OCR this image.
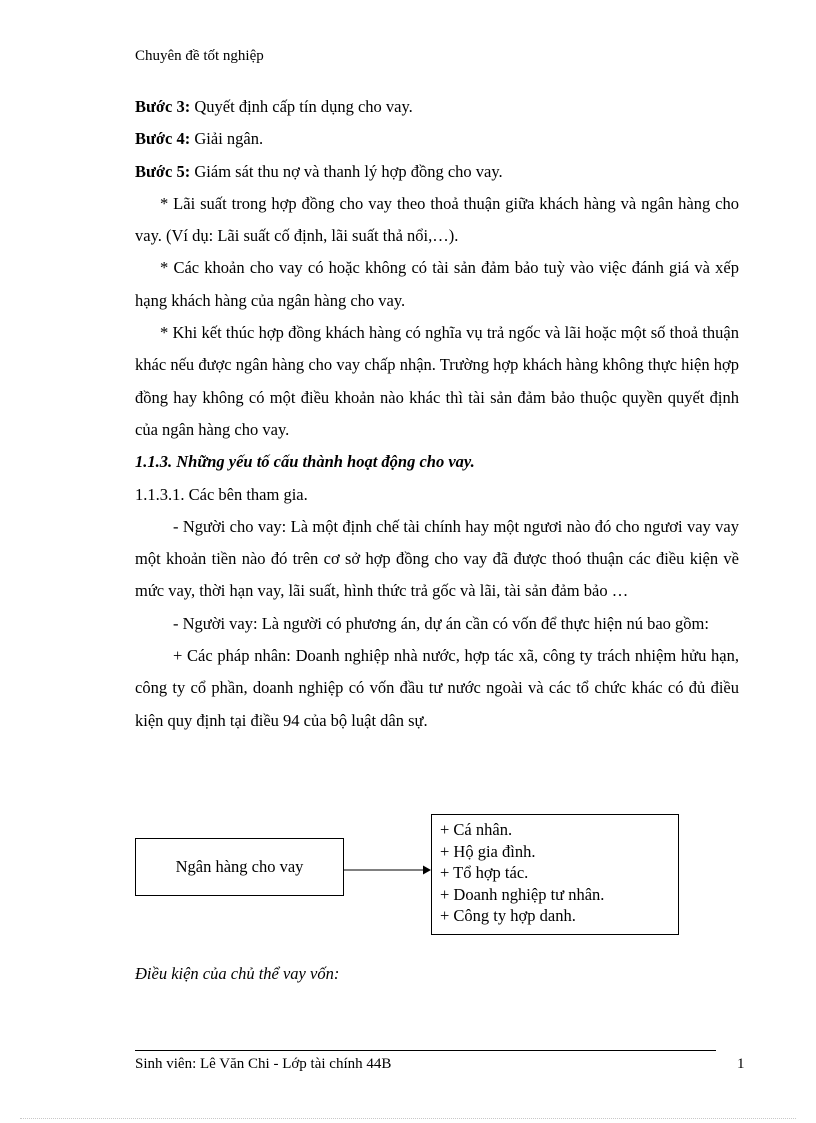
Chuyên đề tốt nghiệp

Bước 3: Quyết định cấp tín dụng cho vay.

Bước 4: Giải ngân.

Bước 5: Giám sát thu nợ và thanh lý hợp đồng cho vay.

* Lãi suất trong hợp đồng cho vay theo thoả thuận giữa khách hàng và ngân hàng cho vay. (Ví dụ: Lãi suất cố định, lãi suất thả nổi,…).

* Các khoản cho vay có hoặc không có tài sản đảm bảo tuỳ vào việc đánh giá và xếp hạng khách hàng của ngân hàng cho vay.

* Khi kết thúc hợp đồng khách hàng có nghĩa vụ trả ngốc và lãi hoặc một số thoả thuận khác nếu được ngân hàng cho vay chấp nhận. Trường hợp khách hàng không thực hiện hợp đồng hay không có một điều khoản nào khác thì tài sản đảm bảo thuộc quyền quyết định của ngân hàng cho vay.

1.1.3. Những yếu tố cấu thành hoạt động cho vay.

1.1.3.1. Các bên tham gia.

- Người cho vay: Là một định chế tài chính hay một ngươi nào đó cho ngươi vay vay một khoản tiền nào đó trên cơ sở hợp đồng cho vay đã được thoó thuận các điều kiện về mức vay, thời hạn vay, lãi suất, hình thức trả gốc và lãi, tài sản đảm bảo …

- Người vay: Là người có phương án, dự án cần có vốn để thực hiện nú bao gồm:

+ Các pháp nhân: Doanh nghiệp nhà nước, hợp tác xã, công ty trách nhiệm hửu hạn, công ty cổ phần, doanh nghiệp có vốn đầu tư nước ngoài và các tổ chức khác có đủ điều kiện quy định tại điều 94 của bộ luật dân sự.

Ngân hàng cho vay
+ Cá nhân.
+ Hộ gia đình.
+ Tổ hợp tác.
+ Doanh nghiệp tư nhân.
+ Công ty hợp danh.
Điều kiện của chủ thể vay vốn:
Sinh viên: Lê Văn Chi - Lớp tài chính 44B	1
